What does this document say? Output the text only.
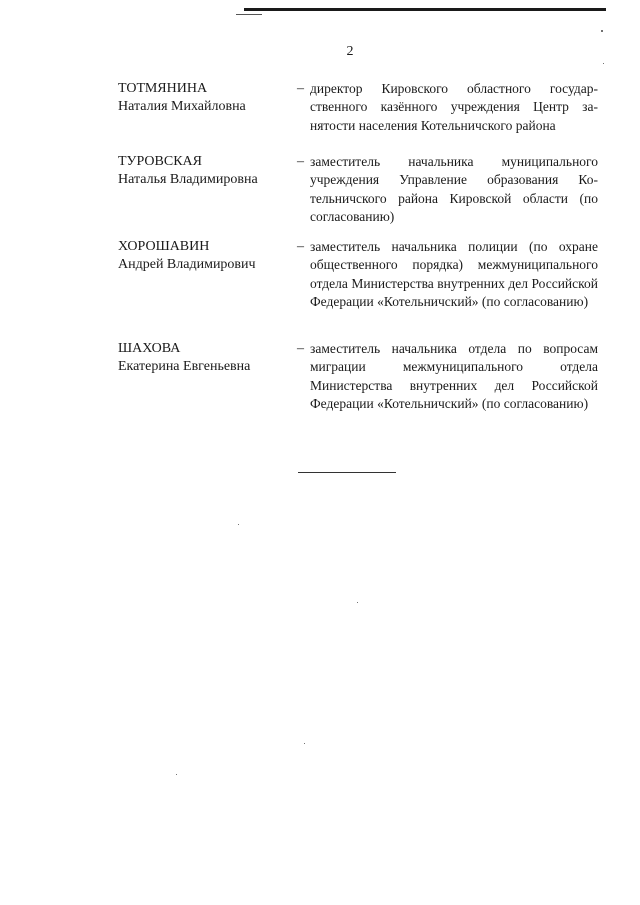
2
ТОТМЯНИНА
Наталия Михайловна
– директор Кировского областного государственного казённого учреждения Центр занятости населения Котельничского района
ТУРОВСКАЯ
Наталья Владимировна
– заместитель начальника муниципального учреждения Управление образования Котельничского района Кировской области (по согласованию)
ХОРОШАВИН
Андрей Владимирович
– заместитель начальника полиции (по охране общественного порядка) межмуниципального отдела Министерства внутренних дел Российской Федерации «Котельничский» (по согласованию)
ШАХОВА
Екатерина Евгеньевна
– заместитель начальника отдела по вопросам миграции межмуниципального отдела Министерства внутренних дел Российской Федерации «Котельничский» (по согласованию)
